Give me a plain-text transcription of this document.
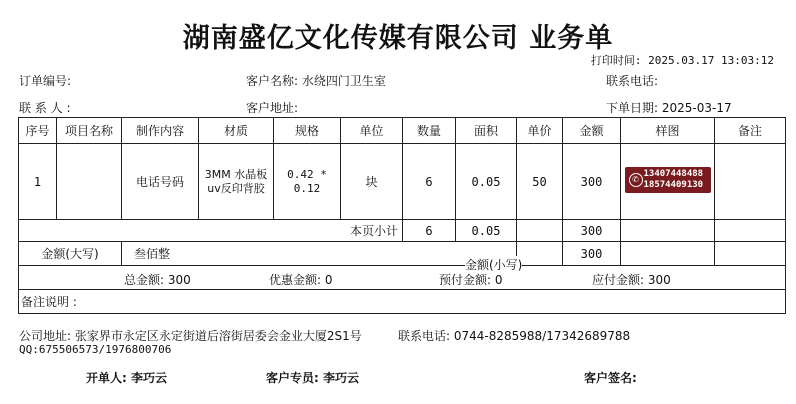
湖南盛亿文化传媒有限公司 业务单
打印时间: 2025.03.17 13:03:12
订单编号:	客户名称: 水绕四门卫生室	联系电话:
联 系 人 :	客户地址:	下单日期: 2025-03-17
序号	项目名称	制作内容	材质	规格	单位	数量	面积	单价	金额	样图	备注
1		电话号码	3MM 水晶板uv反印背胶	0.42 * 0.12	块	6	0.05	50	300	✆
13407448488
18574409130	

本页小计						6	0.05		300		
金额(大写)		叁佰整							300		

总金额: 300 优惠金额: 0 预付金额: 0 应付金额: 300											

备注说明 :											
金额(小写)
公司地址: 张家界市永定区永定街道后溶街居委会金业大厦2S1号	联系电话: 0744-8285988/17342689788
QQ:675506573/1976800706
开单人: 李巧云	客户专员: 李巧云	客户签名:
